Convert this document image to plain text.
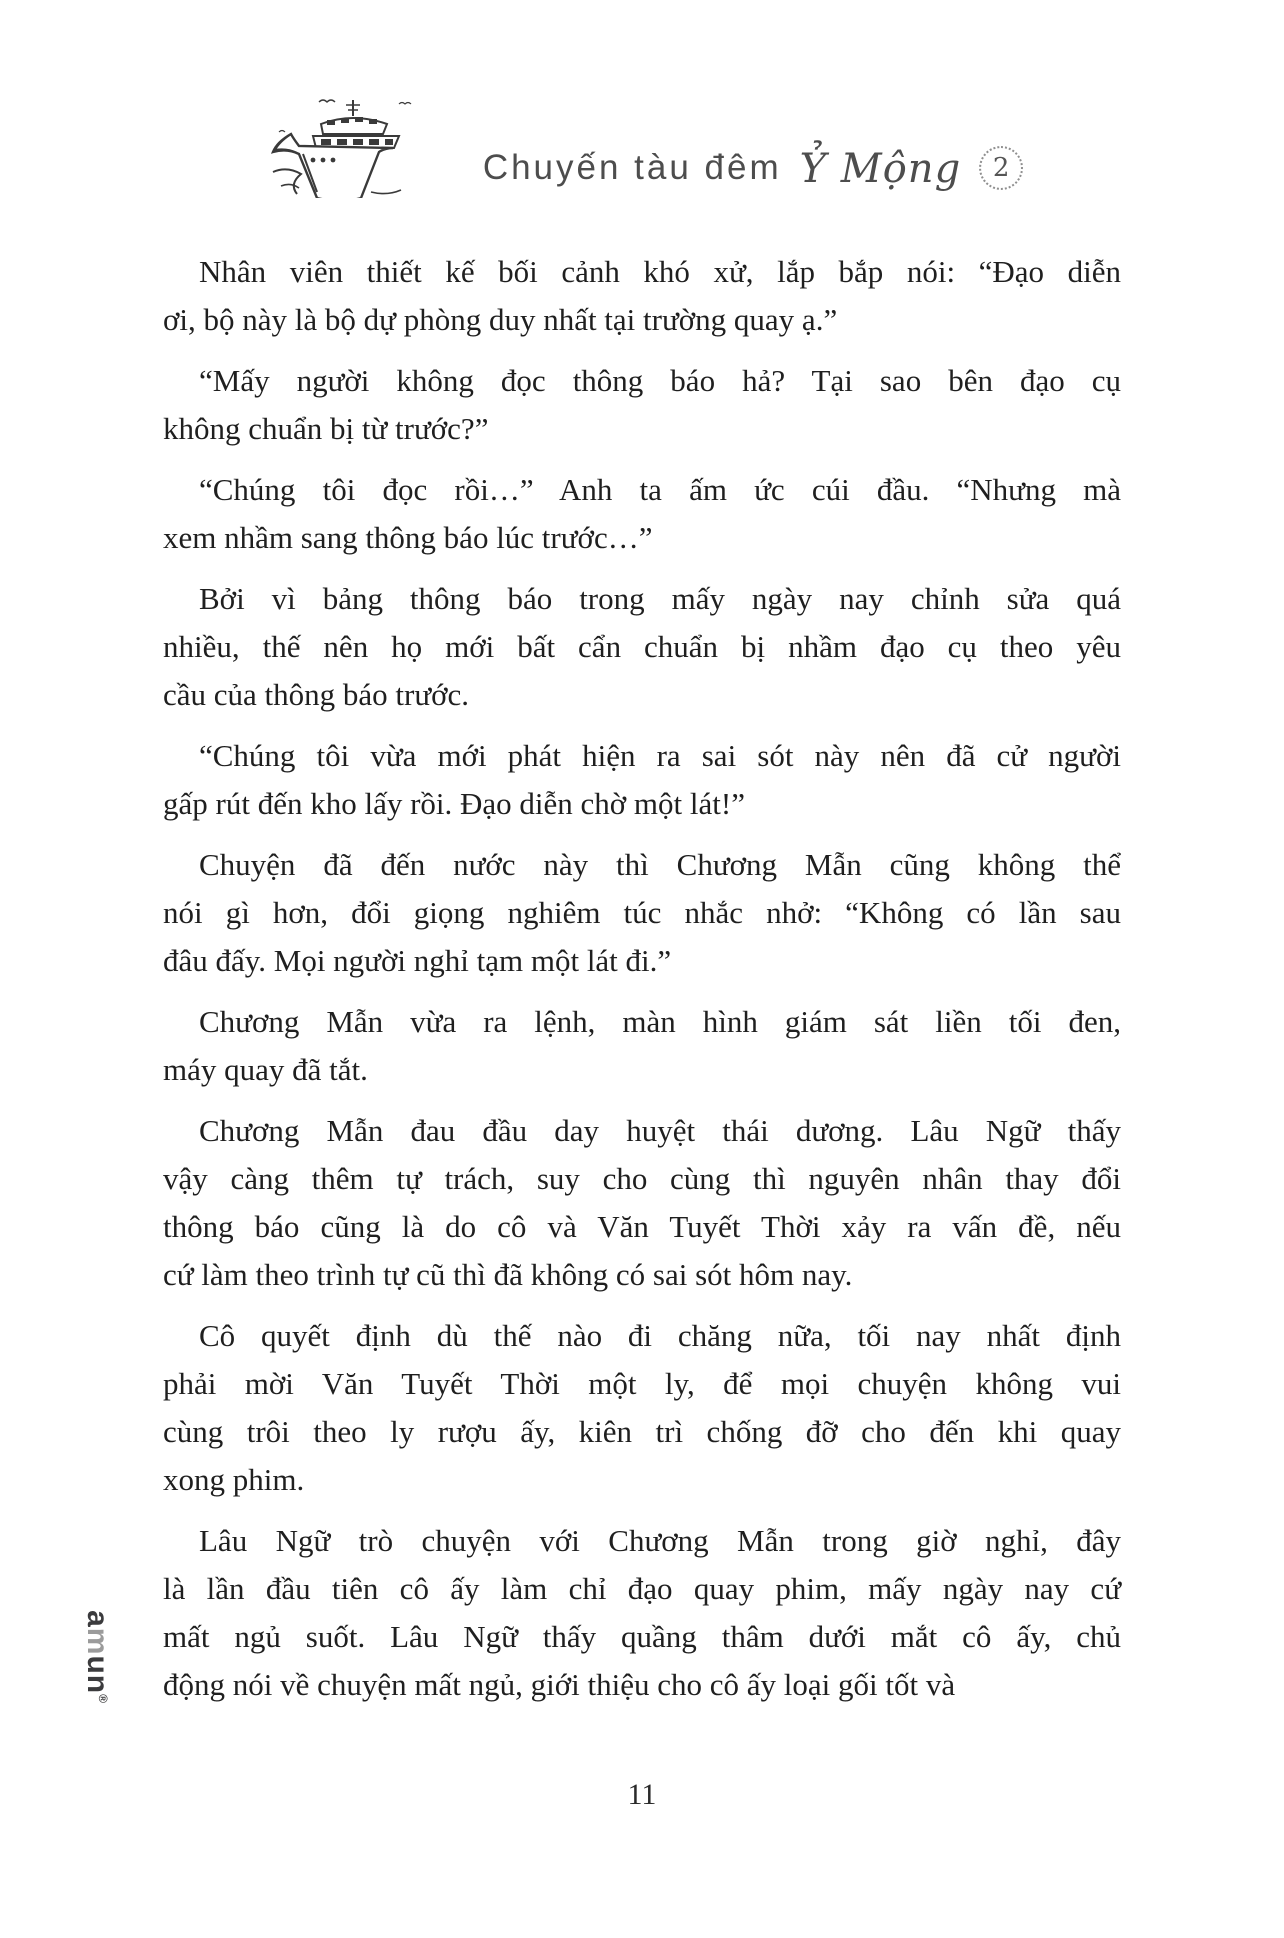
Chuyến tàu đêm Ỷ Mộng 2
Nhân viên thiết kế bối cảnh khó xử, lắp bắp nói: “Đạo diễn
ơi, bộ này là bộ dự phòng duy nhất tại trường quay ạ.”
“Mấy người không đọc thông báo hả? Tại sao bên đạo cụ
không chuẩn bị từ trước?”
“Chúng tôi đọc rồi…” Anh ta ấm ức cúi đầu. “Nhưng mà
xem nhầm sang thông báo lúc trước…”
Bởi vì bảng thông báo trong mấy ngày nay chỉnh sửa quá
nhiều, thế nên họ mới bất cẩn chuẩn bị nhầm đạo cụ theo yêu
cầu của thông báo trước.
“Chúng tôi vừa mới phát hiện ra sai sót này nên đã cử người
gấp rút đến kho lấy rồi. Đạo diễn chờ một lát!”
Chuyện đã đến nước này thì Chương Mẫn cũng không thể
nói gì hơn, đổi giọng nghiêm túc nhắc nhở: “Không có lần sau
đâu đấy. Mọi người nghỉ tạm một lát đi.”
Chương Mẫn vừa ra lệnh, màn hình giám sát liền tối đen,
máy quay đã tắt.
Chương Mẫn đau đầu day huyệt thái dương. Lâu Ngữ thấy
vậy càng thêm tự trách, suy cho cùng thì nguyên nhân thay đổi
thông báo cũng là do cô và Văn Tuyết Thời xảy ra vấn đề, nếu
cứ làm theo trình tự cũ thì đã không có sai sót hôm nay.
Cô quyết định dù thế nào đi chăng nữa, tối nay nhất định
phải mời Văn Tuyết Thời một ly, để mọi chuyện không vui
cùng trôi theo ly rượu ấy, kiên trì chống đỡ cho đến khi quay
xong phim.
Lâu Ngữ trò chuyện với Chương Mẫn trong giờ nghỉ, đây
là lần đầu tiên cô ấy làm chỉ đạo quay phim, mấy ngày nay cứ
mất ngủ suốt. Lâu Ngữ thấy quầng thâm dưới mắt cô ấy, chủ
động nói về chuyện mất ngủ, giới thiệu cho cô ấy loại gối tốt và
amun®
11
